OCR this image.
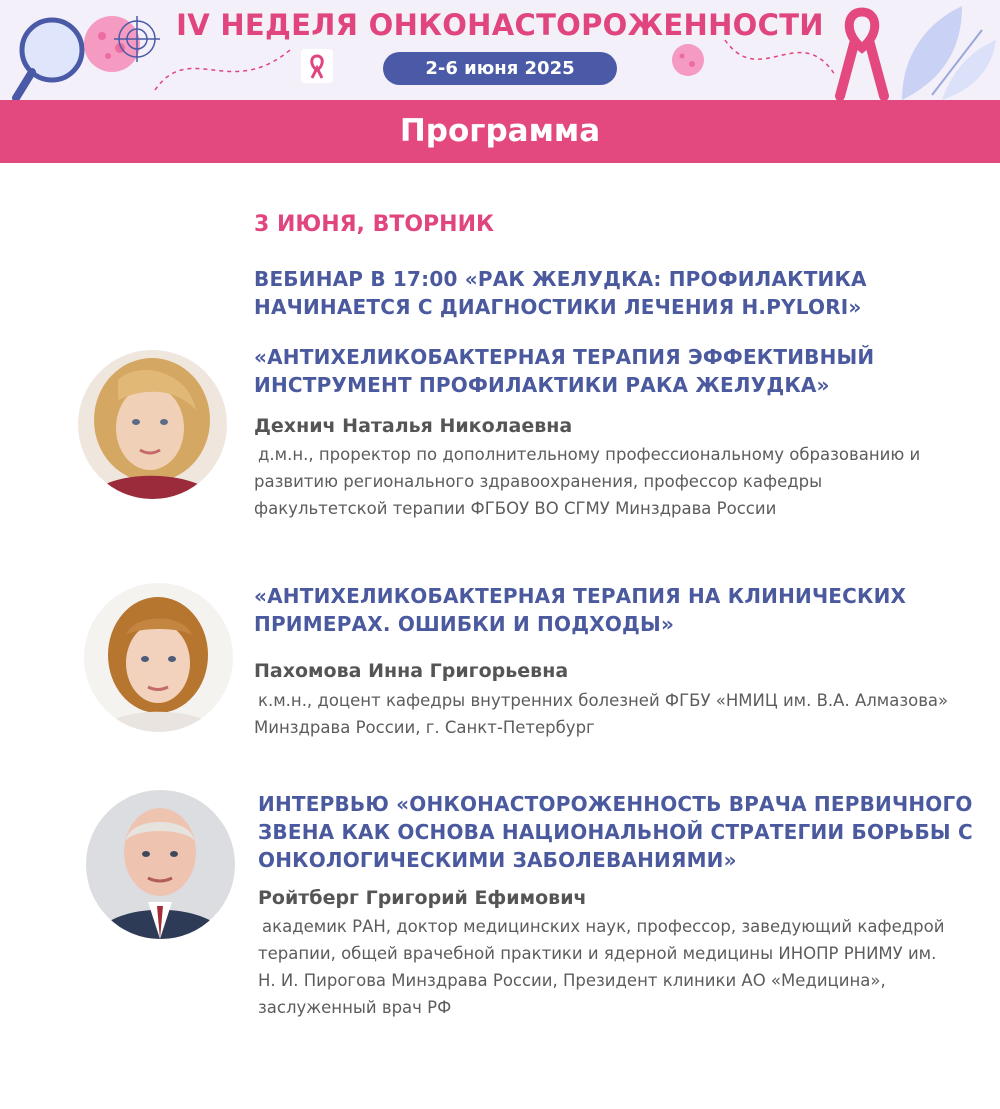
IV НЕДЕЛЯ ОНКОНАСТОРОЖЕННОСТИ
2-6 июня 2025
Программа
3 ИЮНЯ, ВТОРНИК

ВЕБИНАР В 17:00 «РАК ЖЕЛУДКА: ПРОФИЛАКТИКА НАЧИНАЕТСЯ С ДИАГНОСТИКИ ЛЕЧЕНИЯ H.PYLORI»

«АНТИХЕЛИКОБАКТЕРНАЯ ТЕРАПИЯ ЭФФЕКТИВНЫЙ ИНСТРУМЕНТ ПРОФИЛАКТИКИ РАКА ЖЕЛУДКА»

Дехнич Наталья Николаевна
д.м.н., проректор по дополнительному профессиональному образованию и развитию регионального здравоохранения, профессор кафедры факультетской терапии ФГБОУ ВО СГМУ Минздрава России

«АНТИХЕЛИКОБАКТЕРНАЯ ТЕРАПИЯ НА КЛИНИЧЕСКИХ ПРИМЕРАХ. ОШИБКИ И ПОДХОДЫ»

Пахомова Инна Григорьевна
к.м.н., доцент кафедры внутренних болезней ФГБУ «НМИЦ им. В.А. Алмазова» Минздрава России, г. Санкт-Петербург

ИНТЕРВЬЮ «ОНКОНАСТОРОЖЕННОСТЬ ВРАЧА ПЕРВИЧНОГО ЗВЕНА КАК ОСНОВА НАЦИОНАЛЬНОЙ СТРАТЕГИИ БОРЬБЫ С ОНКОЛОГИЧЕСКИМИ ЗАБОЛЕВАНИЯМИ»

Ройтберг Григорий Ефимович
академик РАН, доктор медицинских наук, профессор, заведующий кафедрой терапии, общей врачебной практики и ядерной медицины ИНОПР РНИМУ им. Н. И. Пирогова Минздрава России, Президент клиники АО «Медицина», заслуженный врач РФ
